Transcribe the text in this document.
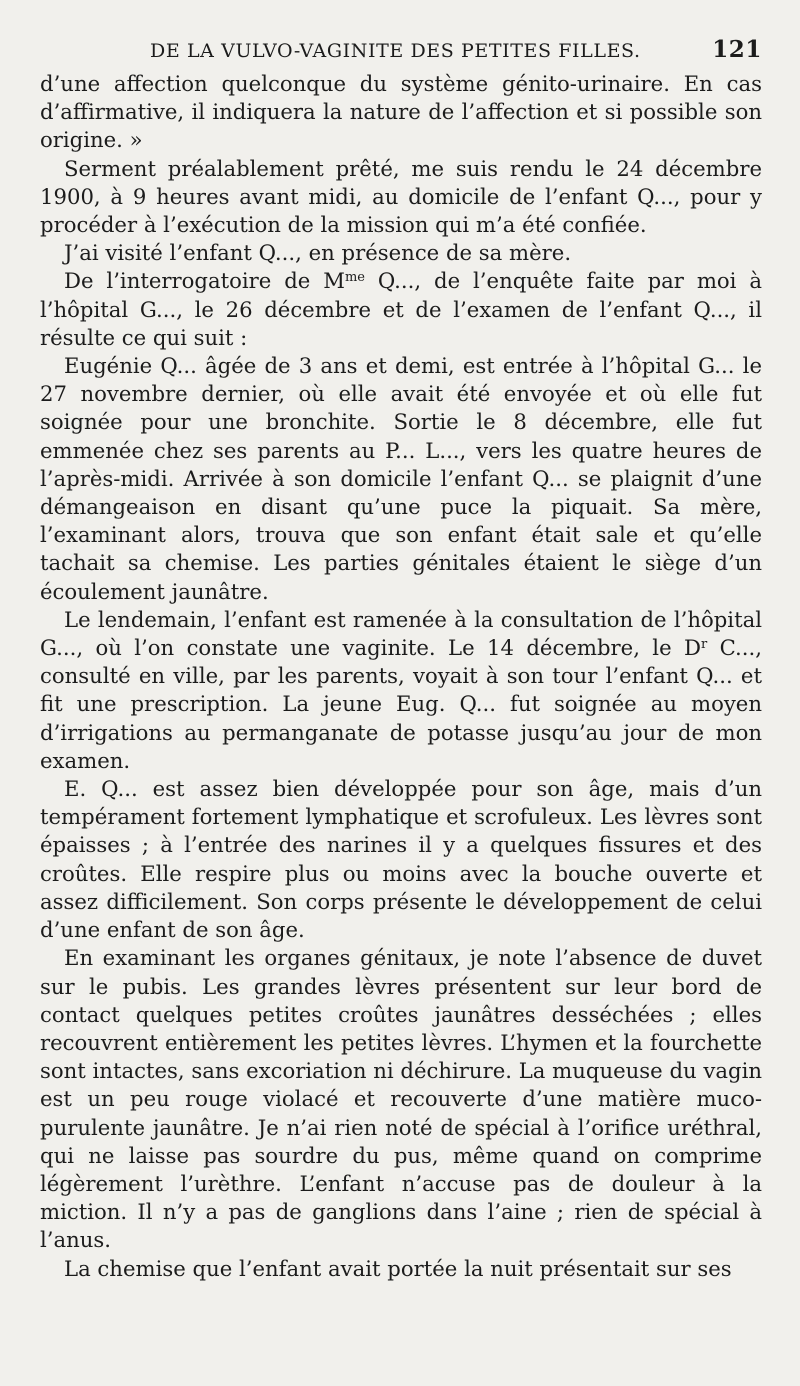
DE LA VULVO-VAGINITE DES PETITES FILLES.	121

d’une affection quelconque du système génito-urinaire. En cas d’affirmative, il indiquera la nature de l’affection et si possible son origine. »

Serment préalablement prêté, me suis rendu le 24 décembre 1900, à 9 heures avant midi, au domicile de l’enfant Q..., pour y procéder à l’exécution de la mission qui m’a été confiée.

J’ai visité l’enfant Q..., en présence de sa mère.

De l’interrogatoire de $M^{me}$ Q..., de l’enquête faite par moi à l’hôpital G..., le 26 décembre et de l’examen de l’enfant Q..., il résulte ce qui suit :

Eugénie Q... âgée de 3 ans et demi, est entrée à l’hôpital G... le 27 novembre dernier, où elle avait été envoyée et où elle fut soignée pour une bronchite. Sortie le 8 décembre, elle fut emmenée chez ses parents au P... L..., vers les quatre heures de l’après-midi. Arrivée à son domicile l’enfant Q... se plaignit d’une démangeaison en disant qu’une puce la piquait. Sa mère, l’examinant alors, trouva que son enfant était sale et qu’elle tachait sa chemise. Les parties génitales étaient le siège d’un écoulement jaunâtre.

Le lendemain, l’enfant est ramenée à la consultation de l’hôpital G..., où l’on constate une vaginite. Le 14 décembre, le $D^r$ C..., consulté en ville, par les parents, voyait à son tour l’enfant Q... et fit une prescription. La jeune Eug. Q... fut soignée au moyen d’irrigations au permanganate de potasse jusqu’au jour de mon examen.

E. Q... est assez bien développée pour son âge, mais d’un tempérament fortement lymphatique et scrofuleux. Les lèvres sont épaisses ; à l’entrée des narines il y a quelques fissures et des croûtes. Elle respire plus ou moins avec la bouche ouverte et assez difficilement. Son corps présente le développement de celui d’une enfant de son âge.

En examinant les organes génitaux, je note l’absence de duvet sur le pubis. Les grandes lèvres présentent sur leur bord de contact quelques petites croûtes jaunâtres desséchées ; elles recouvrent entièrement les petites lèvres. L’hymen et la fourchette sont intactes, sans excoriation ni déchirure. La muqueuse du vagin est un peu rouge violacé et recouverte d’une matière muco-purulente jaunâtre. Je n’ai rien noté de spécial à l’orifice uréthral, qui ne laisse pas sourdre du pus, même quand on comprime légèrement l’urèthre. L’enfant n’accuse pas de douleur à la miction. Il n’y a pas de ganglions dans l’aine ; rien de spécial à l’anus.

La chemise que l’enfant avait portée la nuit présentait sur ses
